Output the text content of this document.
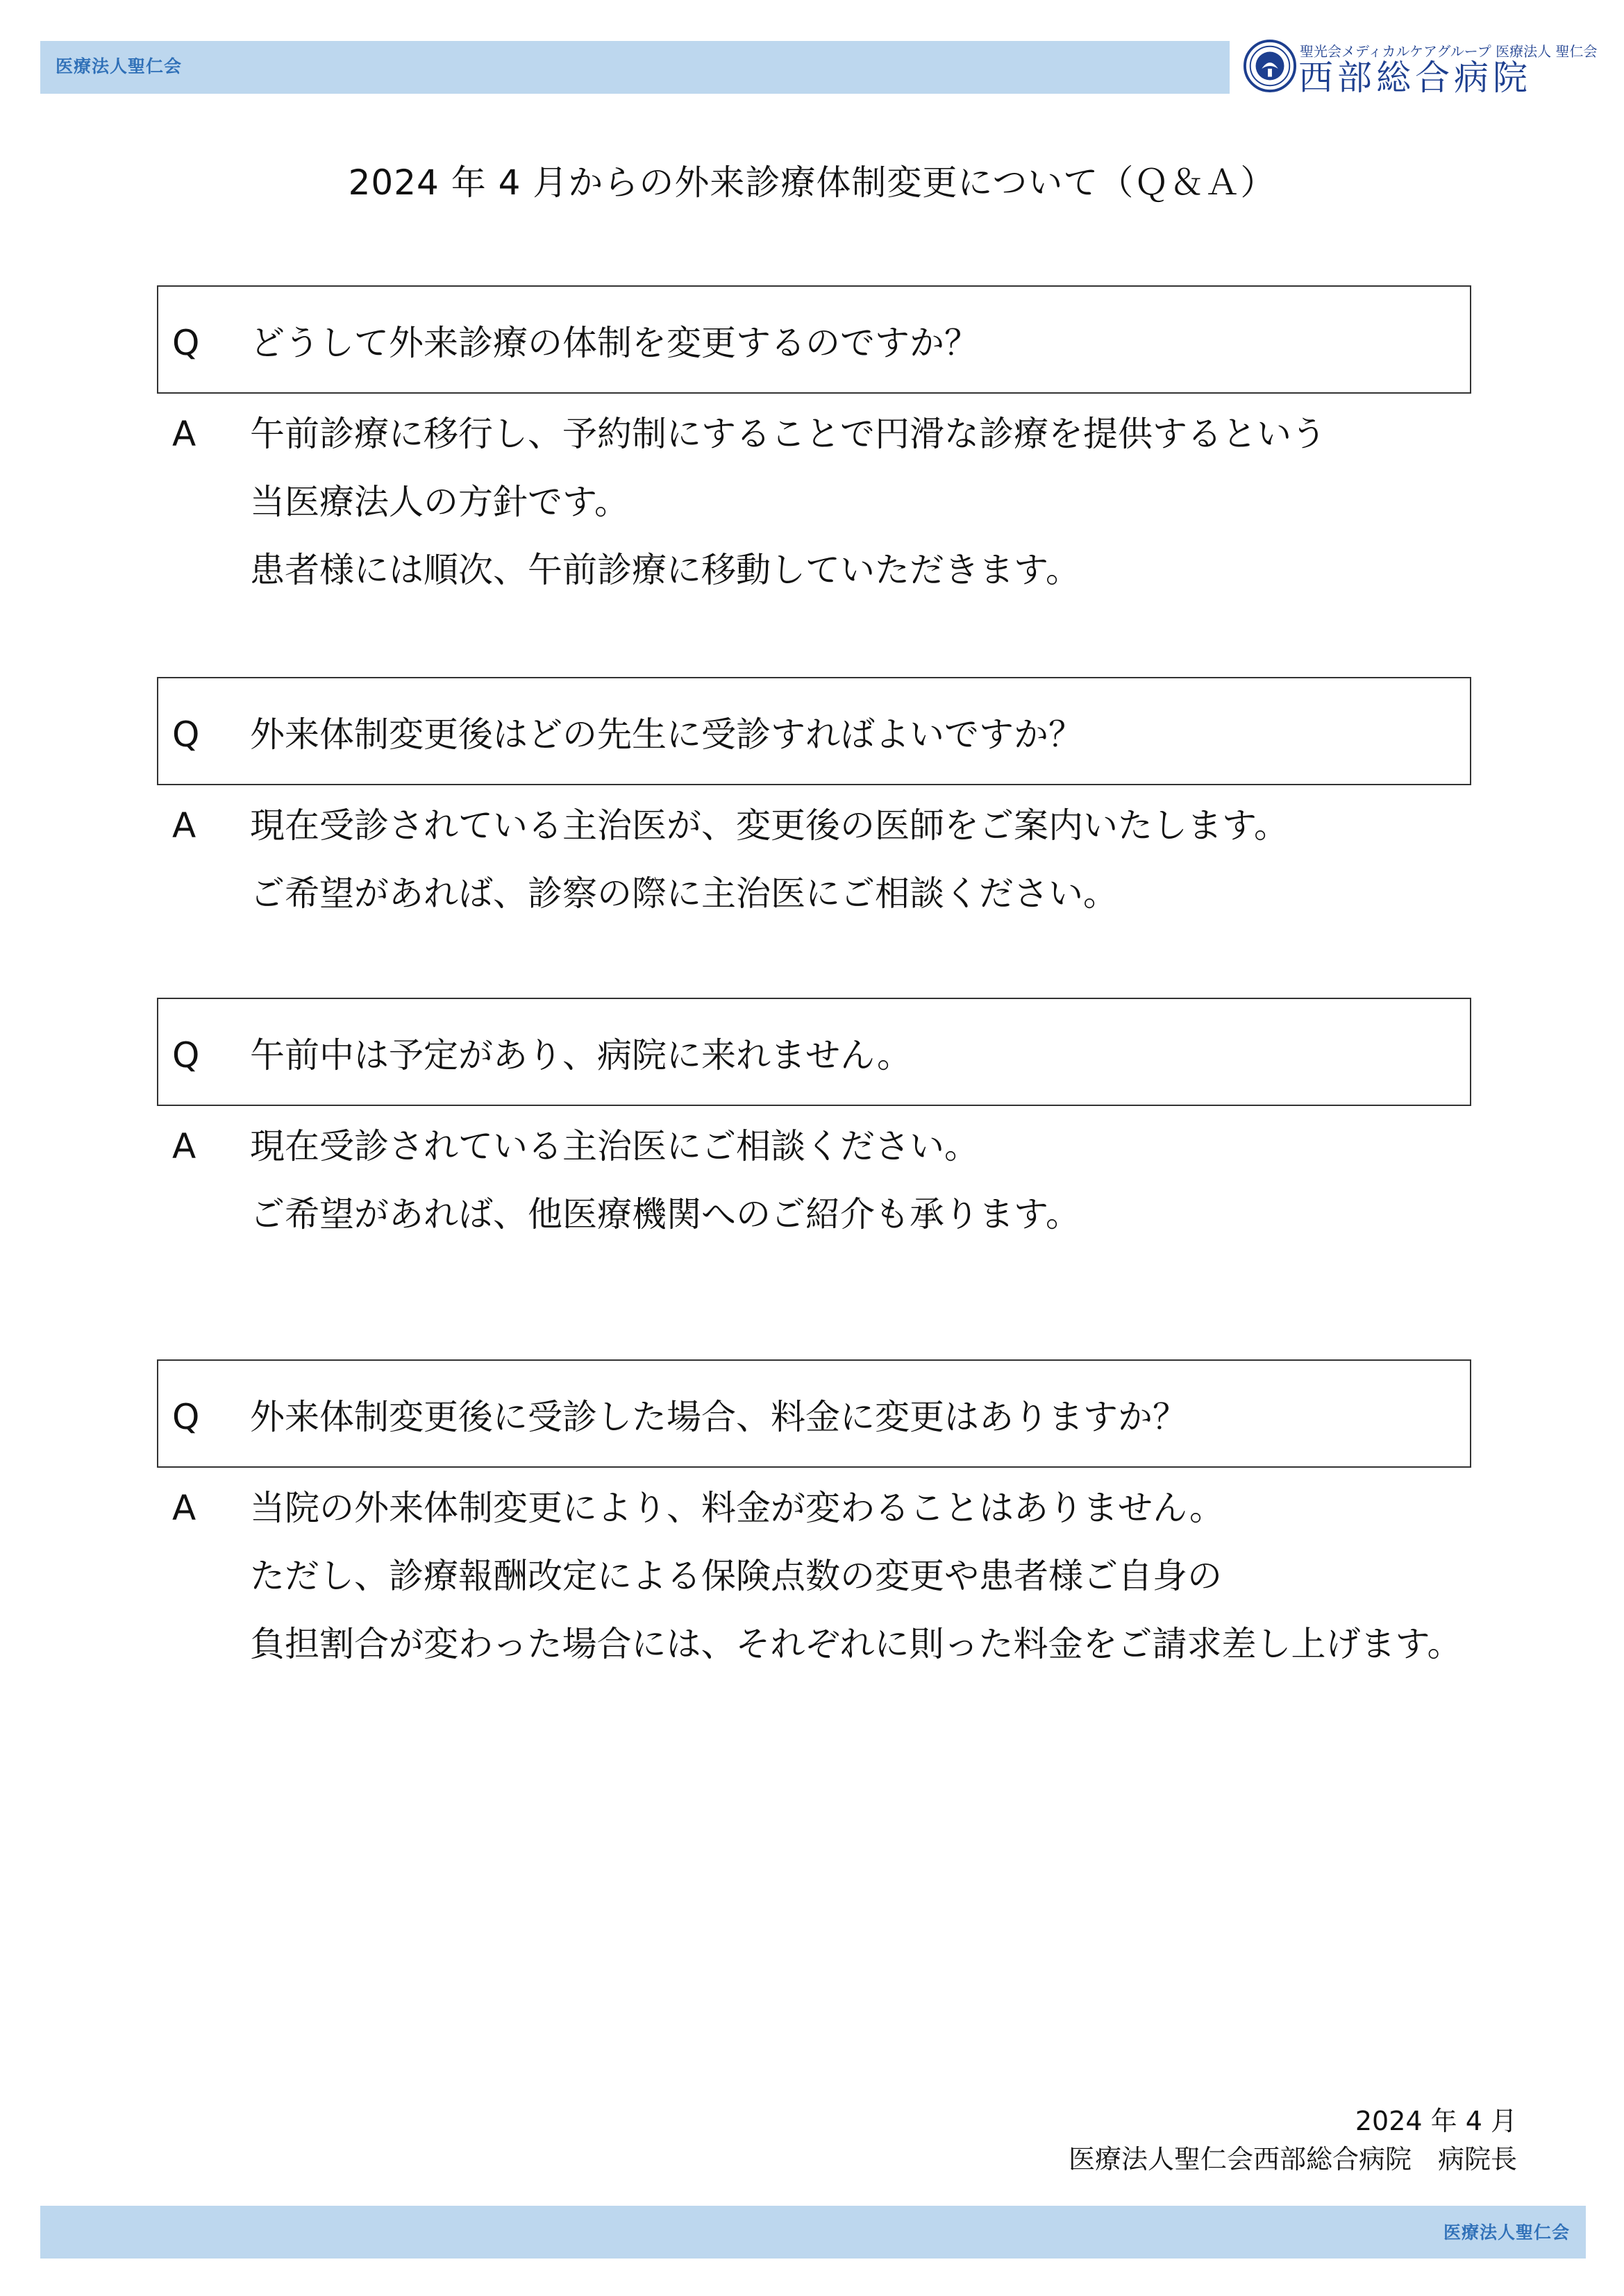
医療法人聖仁会
聖光会メディカルケアグループ 医療法人 聖仁会
西部総合病院
2024 年 4 月からの外来診療体制変更について（Ｑ＆Ａ）
Q どうして外来診療の体制を変更するのですか？
A 午前診療に移行し、予約制にすることで円滑な診療を提供するという
当医療法人の方針です。
患者様には順次、午前診療に移動していただきます。
Q 外来体制変更後はどの先生に受診すればよいですか？
A 現在受診されている主治医が、変更後の医師をご案内いたします。
ご希望があれば、診察の際に主治医にご相談ください。
Q 午前中は予定があり、病院に来れません。
A 現在受診されている主治医にご相談ください。
ご希望があれば、他医療機関へのご紹介も承ります。
Q 外来体制変更後に受診した場合、料金に変更はありますか？
A 当院の外来体制変更により、料金が変わることはありません。
ただし、診療報酬改定による保険点数の変更や患者様ご自身の
負担割合が変わった場合には、それぞれに則った料金をご請求差し上げます。
2024 年 4 月
医療法人聖仁会西部総合病院　病院長
医療法人聖仁会
